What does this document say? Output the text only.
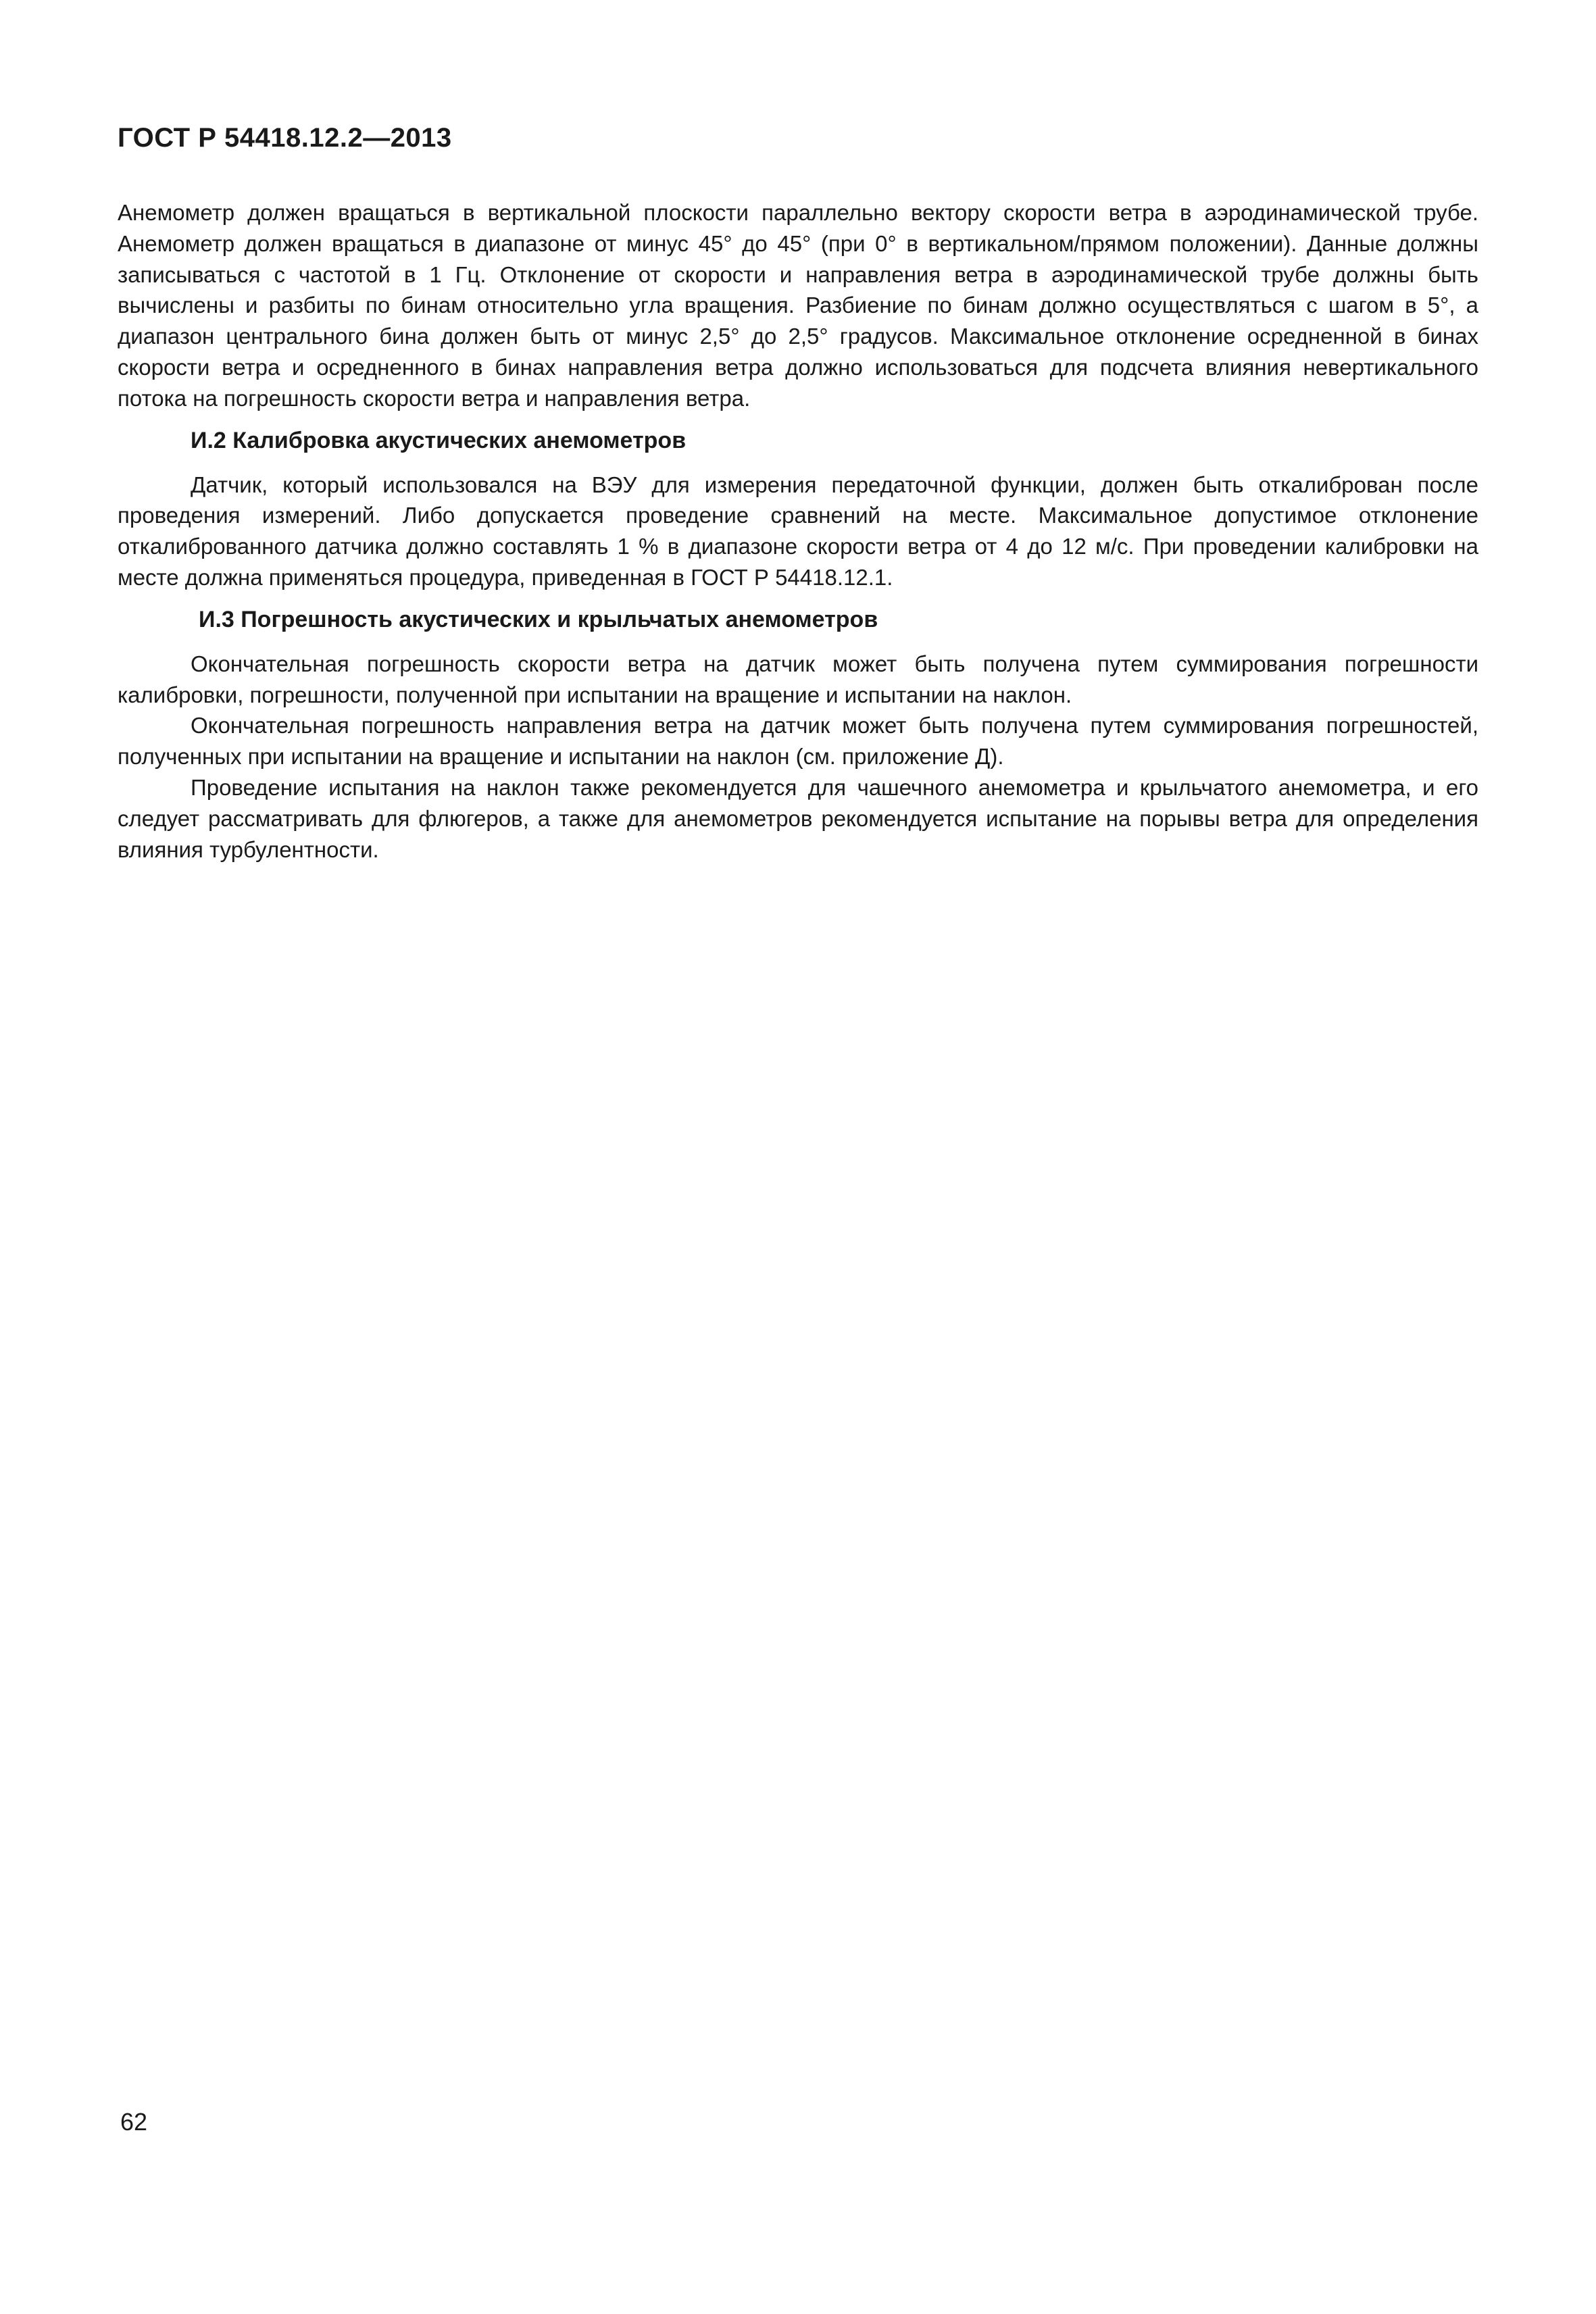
ГОСТ Р 54418.12.2—2013

Анемометр должен вращаться в вертикальной плоскости параллельно вектору скорости ветра в аэродинамической трубе. Анемометр должен вращаться в диапазоне от минус 45° до 45° (при 0° в вертикальном/прямом положении). Данные должны записываться с частотой в 1 Гц. Отклонение от скорости и направления ветра в аэродинамической трубе должны быть вычислены и разбиты по бинам относительно угла вращения. Разбиение по бинам должно осуществляться с шагом в 5°, а диапазон центрального бина должен быть от минус 2,5° до 2,5° градусов. Максимальное отклонение осредненной в бинах скорости ветра и осредненного в бинах направления ветра должно использоваться для подсчета влияния невертикального потока на погрешность скорости ветра и направления ветра.

И.2 Калибровка акустических анемометров

Датчик, который использовался на ВЭУ для измерения передаточной функции, должен быть откалиброван после проведения измерений. Либо допускается проведение сравнений на месте. Максимальное допустимое отклонение откалиброванного датчика должно составлять 1 % в диапазоне скорости ветра от 4 до 12 м/с. При проведении калибровки на месте должна применяться процедура, приведенная в ГОСТ Р 54418.12.1.

И.3 Погрешность акустических и крыльчатых анемометров

Окончательная погрешность скорости ветра на датчик может быть получена путем суммирования погрешности калибровки, погрешности, полученной при испытании на вращение и испытании на наклон.

Окончательная погрешность направления ветра на датчик может быть получена путем суммирования погрешностей, полученных при испытании на вращение и испытании на наклон (см. приложение Д).

Проведение испытания на наклон также рекомендуется для чашечного анемометра и крыльчатого анемометра, и его следует рассматривать для флюгеров, а также для анемометров рекомендуется испытание на порывы ветра для определения влияния турбулентности.

62
